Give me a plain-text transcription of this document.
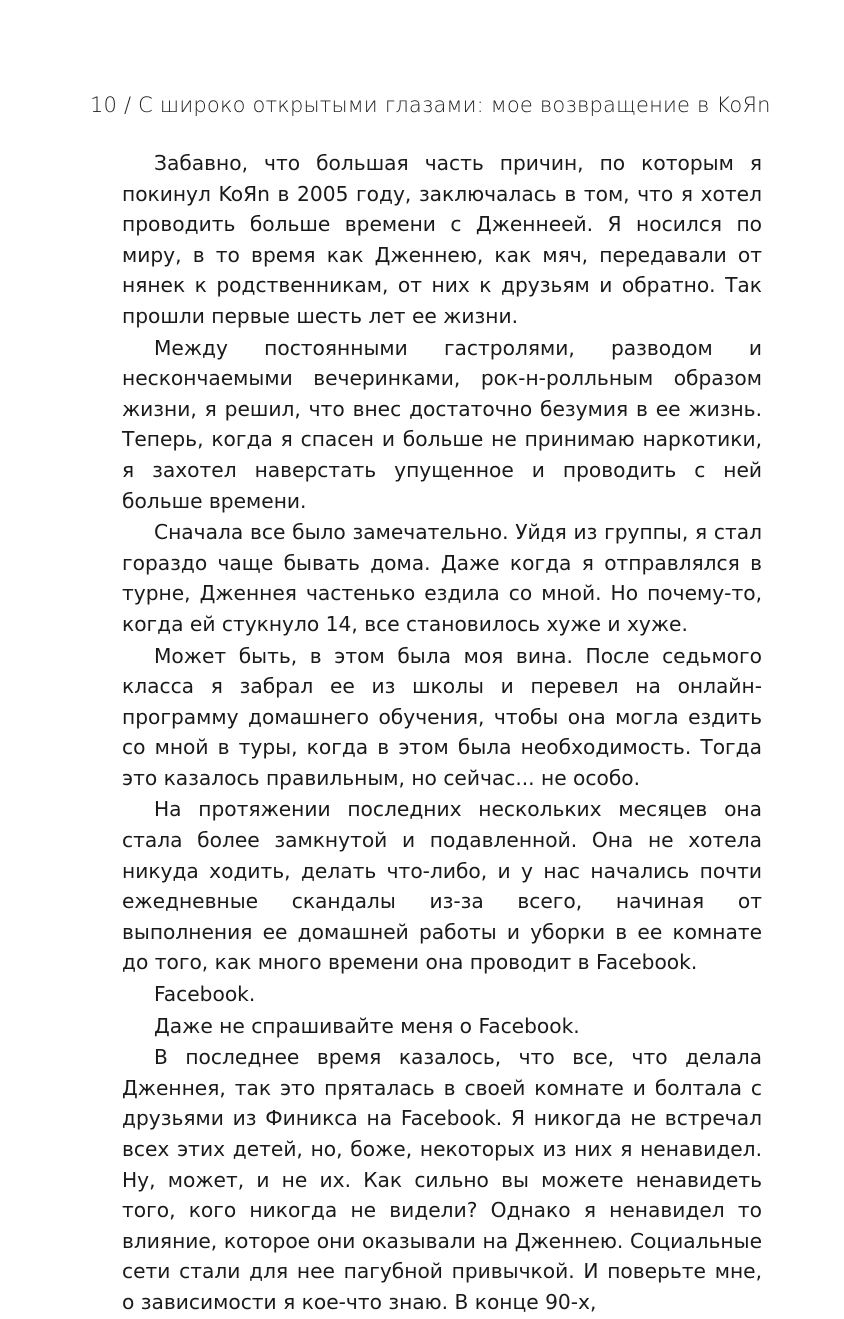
10 / С широко открытыми глазами: мое возвращение в KoЯn

Забавно, что большая часть причин, по которым я покинул KoЯn в 2005 году, заключалась в том, что я хотел проводить больше времени с Дженнеей. Я носился по миру, в то время как Дженнею, как мяч, передавали от нянек к родственникам, от них к друзьям и обратно. Так прошли первые шесть лет ее жизни.

Между постоянными гастролями, разводом и нескончаемыми вечеринками, рок-н-ролльным образом жизни, я решил, что внес достаточно безумия в ее жизнь. Теперь, когда я спасен и больше не принимаю наркотики, я захотел наверстать упущенное и проводить с ней больше времени.

Сначала все было замечательно. Уйдя из группы, я стал гораздо чаще бывать дома. Даже когда я отправлялся в турне, Дженнея частенько ездила со мной. Но почему-то, когда ей стукнуло 14, все становилось хуже и хуже.

Может быть, в этом была моя вина. После седьмого класса я забрал ее из школы и перевел на онлайн-программу домашнего обучения, чтобы она могла ездить со мной в туры, когда в этом была необходимость. Тогда это казалось правильным, но сейчас... не особо.

На протяжении последних нескольких месяцев она стала более замкнутой и подавленной. Она не хотела никуда ходить, делать что-либо, и у нас начались почти ежедневные скандалы из-за всего, начиная от выполнения ее домашней работы и уборки в ее комнате до того, как много времени она проводит в Facebook.

Facebook.

Даже не спрашивайте меня о Facebook.

В последнее время казалось, что все, что делала Дженнея, так это пряталась в своей комнате и болтала с друзьями из Финикса на Facebook. Я никогда не встречал всех этих детей, но, боже, некоторых из них я ненавидел. Ну, может, и не их. Как сильно вы можете ненавидеть того, кого никогда не видели? Однако я ненавидел то влияние, которое они оказывали на Дженнею. Социальные сети стали для нее пагубной привычкой. И поверьте мне, о зависимости я кое-что знаю. В конце 90-х,
